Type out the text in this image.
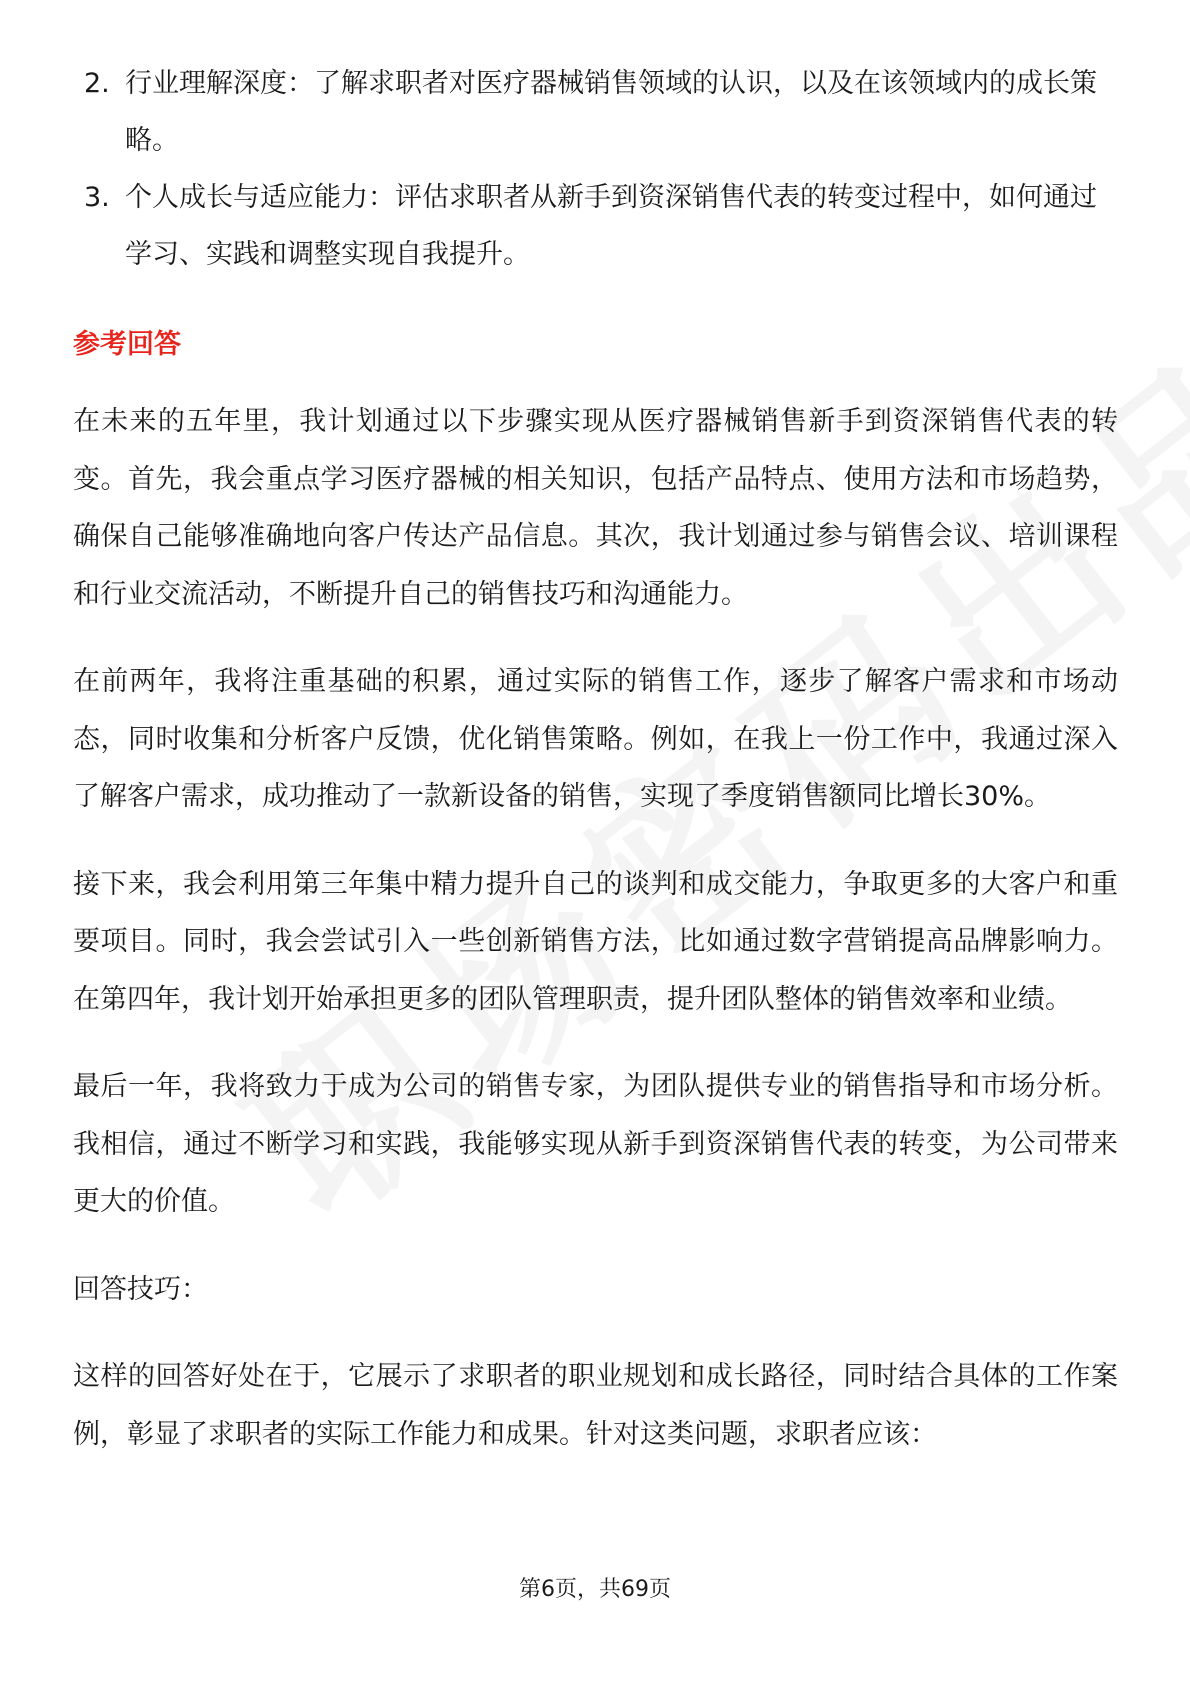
2. 行业理解深度：了解求职者对医疗器械销售领域的认识，以及在该领域内的成长策略。
3. 个人成长与适应能力：评估求职者从新手到资深销售代表的转变过程中，如何通过学习、实践和调整实现自我提升。
参考回答

在未来的五年里，我计划通过以下步骤实现从医疗器械销售新手到资深销售代表的转变。首先，我会重点学习医疗器械的相关知识，包括产品特点、使用方法和市场趋势，确保自己能够准确地向客户传达产品信息。其次，我计划通过参与销售会议、培训课程和行业交流活动，不断提升自己的销售技巧和沟通能力。

在前两年，我将注重基础的积累，通过实际的销售工作，逐步了解客户需求和市场动态，同时收集和分析客户反馈，优化销售策略。例如，在我上一份工作中，我通过深入了解客户需求，成功推动了一款新设备的销售，实现了季度销售额同比增长30%。

接下来，我会利用第三年集中精力提升自己的谈判和成交能力，争取更多的大客户和重要项目。同时，我会尝试引入一些创新销售方法，比如通过数字营销提高品牌影响力。在第四年，我计划开始承担更多的团队管理职责，提升团队整体的销售效率和业绩。

最后一年，我将致力于成为公司的销售专家，为团队提供专业的销售指导和市场分析。我相信，通过不断学习和实践，我能够实现从新手到资深销售代表的转变，为公司带来更大的价值。

回答技巧：

这样的回答好处在于，它展示了求职者的职业规划和成长路径，同时结合具体的工作案例，彰显了求职者的实际工作能力和成果。针对这类问题，求职者应该：

第6页，共69页
